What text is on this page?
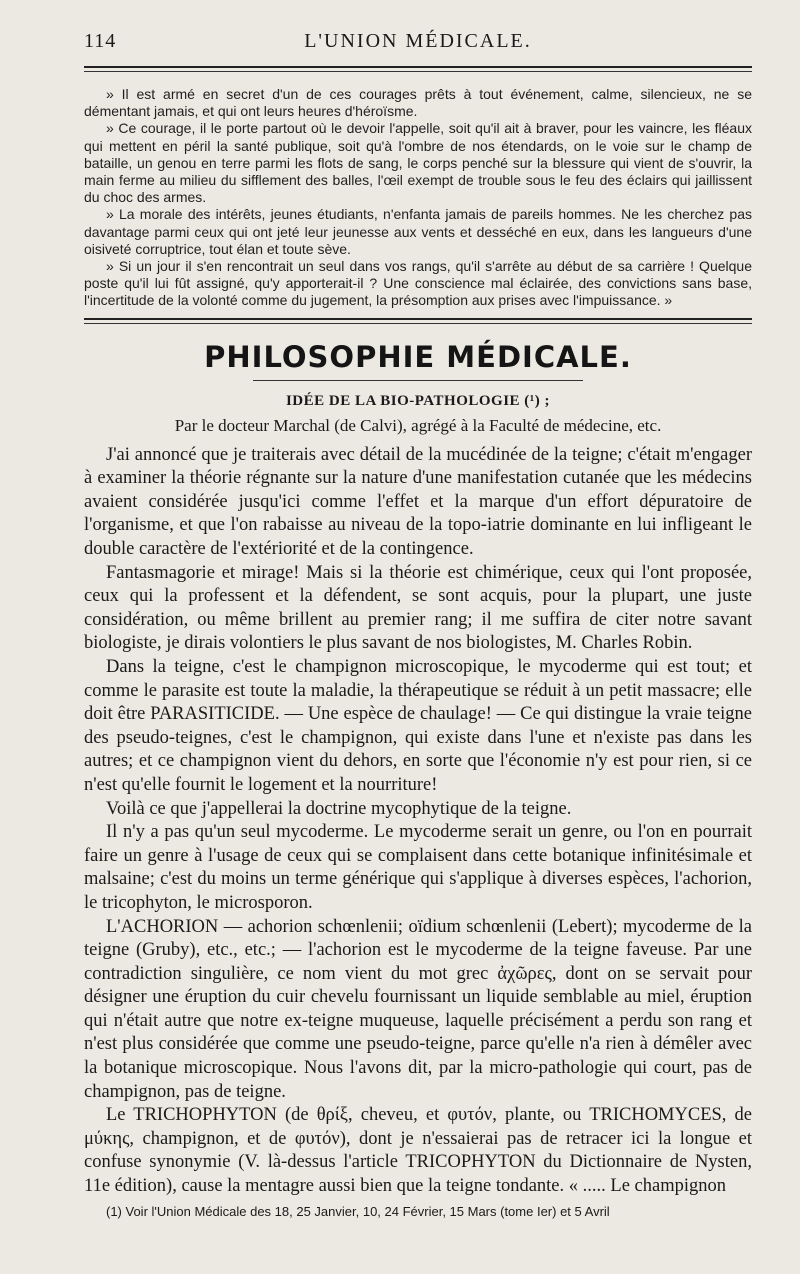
114	L'UNION MÉDICALE.

» Il est armé en secret d'un de ces courages prêts à tout événement, calme, silencieux, ne se démentant jamais, et qui ont leurs heures d'héroïsme.

» Ce courage, il le porte partout où le devoir l'appelle, soit qu'il ait à braver, pour les vaincre, les fléaux qui mettent en péril la santé publique, soit qu'à l'ombre de nos étendards, on le voie sur le champ de bataille, un genou en terre parmi les flots de sang, le corps penché sur la blessure qui vient de s'ouvrir, la main ferme au milieu du sifflement des balles, l'œil exempt de trouble sous le feu des éclairs qui jaillissent du choc des armes.

» La morale des intérêts, jeunes étudiants, n'enfanta jamais de pareils hommes. Ne les cherchez pas davantage parmi ceux qui ont jeté leur jeunesse aux vents et desséché en eux, dans les langueurs d'une oisiveté corruptrice, tout élan et toute sève.

» Si un jour il s'en rencontrait un seul dans vos rangs, qu'il s'arrête au début de sa carrière ! Quelque poste qu'il lui fût assigné, qu'y apporterait-il ? Une conscience mal éclairée, des convictions sans base, l'incertitude de la volonté comme du jugement, la présomption aux prises avec l'impuissance. »

PHILOSOPHIE MÉDICALE.
IDÉE DE LA BIO-PATHOLOGIE (¹) ;
Par le docteur Marchal (de Calvi), agrégé à la Faculté de médecine, etc.

J'ai annoncé que je traiterais avec détail de la mucédinée de la teigne; c'était m'engager à examiner la théorie régnante sur la nature d'une manifestation cutanée que les médecins avaient considérée jusqu'ici comme l'effet et la marque d'un effort dépuratoire de l'organisme, et que l'on rabaisse au niveau de la topo-iatrie dominante en lui infligeant le double caractère de l'extériorité et de la contingence.

Fantasmagorie et mirage! Mais si la théorie est chimérique, ceux qui l'ont proposée, ceux qui la professent et la défendent, se sont acquis, pour la plupart, une juste considération, ou même brillent au premier rang; il me suffira de citer notre savant biologiste, je dirais volontiers le plus savant de nos biologistes, M. Charles Robin.

Dans la teigne, c'est le champignon microscopique, le mycoderme qui est tout; et comme le parasite est toute la maladie, la thérapeutique se réduit à un petit massacre; elle doit être PARASITICIDE. — Une espèce de chaulage! — Ce qui distingue la vraie teigne des pseudo-teignes, c'est le champignon, qui existe dans l'une et n'existe pas dans les autres; et ce champignon vient du dehors, en sorte que l'économie n'y est pour rien, si ce n'est qu'elle fournit le logement et la nourriture!

Voilà ce que j'appellerai la doctrine mycophytique de la teigne.

Il n'y a pas qu'un seul mycoderme. Le mycoderme serait un genre, ou l'on en pourrait faire un genre à l'usage de ceux qui se complaisent dans cette botanique infinitésimale et malsaine; c'est du moins un terme générique qui s'applique à diverses espèces, l'achorion, le tricophyton, le microsporon.

L'ACHORION — achorion schœnlenii; oïdium schœnlenii (Lebert); mycoderme de la teigne (Gruby), etc., etc.; — l'achorion est le mycoderme de la teigne faveuse. Par une contradiction singulière, ce nom vient du mot grec ἀχῶρες, dont on se servait pour désigner une éruption du cuir chevelu fournissant un liquide semblable au miel, éruption qui n'était autre que notre ex-teigne muqueuse, laquelle précisément a perdu son rang et n'est plus considérée que comme une pseudo-teigne, parce qu'elle n'a rien à démêler avec la botanique microscopique. Nous l'avons dit, par la micro-pathologie qui court, pas de champignon, pas de teigne.

Le TRICHOPHYTON (de θρίξ, cheveu, et φυτόν, plante, ou TRICHOMYCES, de μύκης, champignon, et de φυτόν), dont je n'essaierai pas de retracer ici la longue et confuse synonymie (V. là-dessus l'article TRICOPHYTON du Dictionnaire de Nysten, 11e édition), cause la mentagre aussi bien que la teigne tondante. « ..... Le champignon

(1) Voir l'Union Médicale des 18, 25 Janvier, 10, 24 Février, 15 Mars (tome Ier) et 5 Avril
